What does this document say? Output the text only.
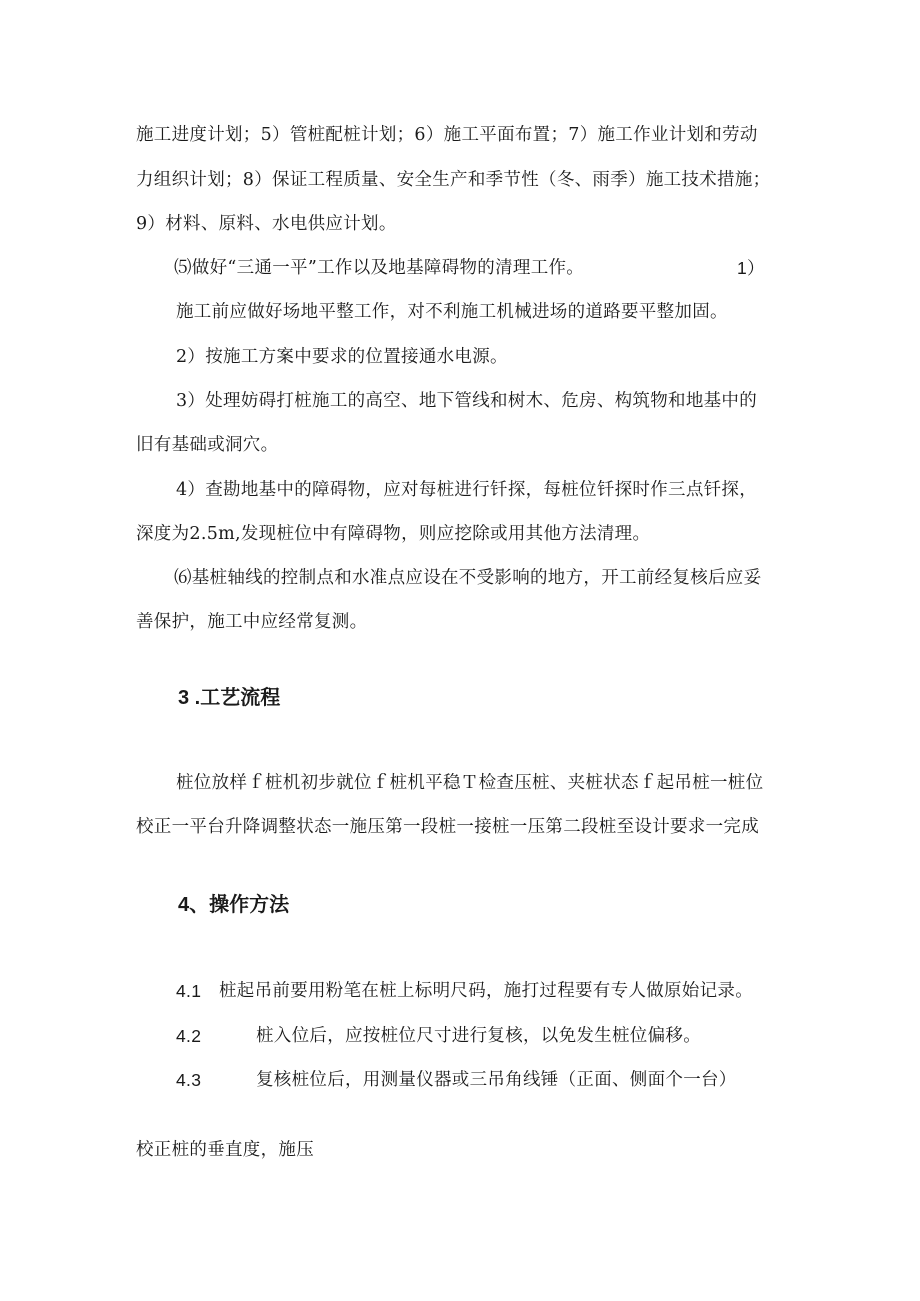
施工进度计划；5）管桩配桩计划；6）施工平面布置；7）施工作业计划和劳动
力组织计划；8）保证工程质量、安全生产和季节性（冬、雨季）施工技术措施；
9）材料、原料、水电供应计划。
⑸做好“三通一平”工作以及地基障碍物的清理工作。	1）
施工前应做好场地平整工作，对不利施工机械进场的道路要平整加固。
2）按施工方案中要求的位置接通水电源。
3）处理妨碍打桩施工的高空、地下管线和树木、危房、构筑物和地基中的
旧有基础或洞穴。
4）查勘地基中的障碍物，应对每桩进行钎探，每桩位钎探时作三点钎探，
深度为2.5m,发现桩位中有障碍物，则应挖除或用其他方法清理。
⑹基桩轴线的控制点和水准点应设在不受影响的地方，开工前经复核后应妥
善保护，施工中应经常复测。
3 .工艺流程
桩位放样ｆ桩机初步就位ｆ桩机平稳Ｔ检查压桩、夹桩状态ｆ起吊桩一桩位
校正一平台升降调整状态一施压第一段桩一接桩一压第二段桩至设计要求一完成
4、操作方法
4.1 桩起吊前要用粉笔在桩上标明尺码，施打过程要有专人做原始记录。
4.2	桩入位后，应按桩位尺寸进行复核，以免发生桩位偏移。
4.3	复核桩位后，用测量仪器或三吊角线锤（正面、侧面个一台）
校正桩的垂直度，施压
